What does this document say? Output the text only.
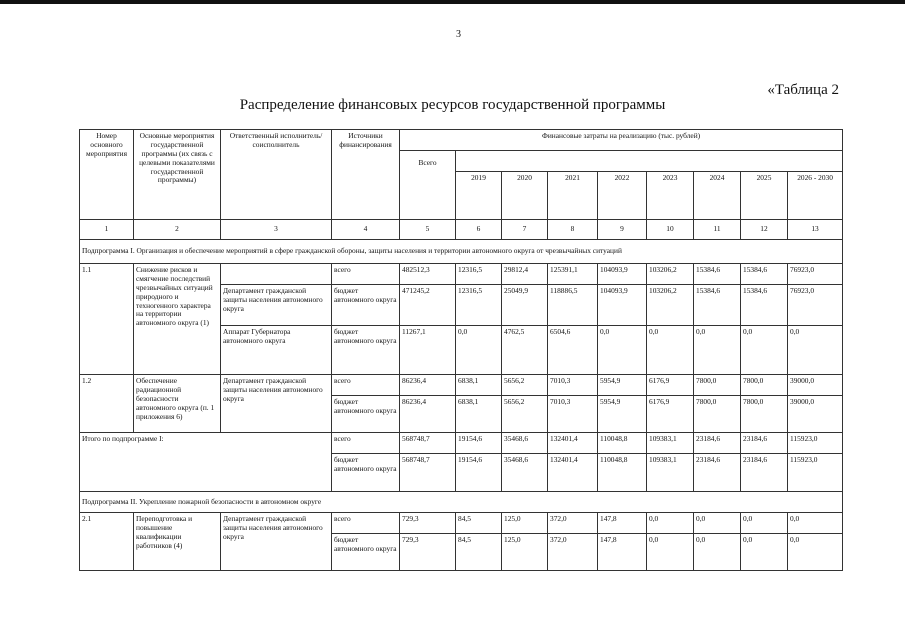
3
«Таблица 2
Распределение финансовых ресурсов государственной программы
Номер основного мероприятия	Основные мероприятия государственной программы (их связь с целевыми показателями государственной программы)	Ответственный исполнитель/соисполнитель	Источники финансирования	Финансовые затраты на реализацию (тыс. рублей)								
				Всего								
					2019	2020	2021	2022	2023	2024	2025	2026 - 2030
1	2	3	4	5	6	7	8	9	10	11	12	13
Подпрограмма I. Организация и обеспечение мероприятий в сфере гражданской обороны, защиты населения и территории автономного округа от чрезвычайных ситуаций												
1.1	Снижение рисков и смягчение последствий чрезвычайных ситуаций природного и техногенного характера на территории автономного округа (1)		всего	482512,3	12316,5	29812,4	125391,1	104093,9	103206,2	15384,6	15384,6	76923,0
		Департамент гражданской защиты населения автономного округа	бюджет автономного округа	471245,2	12316,5	25049,9	118886,5	104093,9	103206,2	15384,6	15384,6	76923,0
		Аппарат Губернатора автономного округа	бюджет автономного округа	11267,1	0,0	4762,5	6504,6	0,0	0,0	0,0	0,0	0,0
1.2	Обеспечение радиационной безопасности автономного округа (п. 1 приложения 6)	Департамент гражданской защиты населения автономного округа	всего	86236,4	6838,1	5656,2	7010,3	5954,9	6176,9	7800,0	7800,0	39000,0
			бюджет автономного округа	86236,4	6838,1	5656,2	7010,3	5954,9	6176,9	7800,0	7800,0	39000,0
Итого по подпрограмме I:			всего	568748,7	19154,6	35468,6	132401,4	110048,8	109383,1	23184,6	23184,6	115923,0
			бюджет автономного округа	568748,7	19154,6	35468,6	132401,4	110048,8	109383,1	23184,6	23184,6	115923,0
Подпрограмма II. Укрепление пожарной безопасности в автономном округе												
2.1	Переподготовка и повышение квалификации работников (4)	Департамент гражданской защиты населения автономного округа	всего	729,3	84,5	125,0	372,0	147,8	0,0	0,0	0,0	0,0
			бюджет автономного округа	729,3	84,5	125,0	372,0	147,8	0,0	0,0	0,0	0,0
